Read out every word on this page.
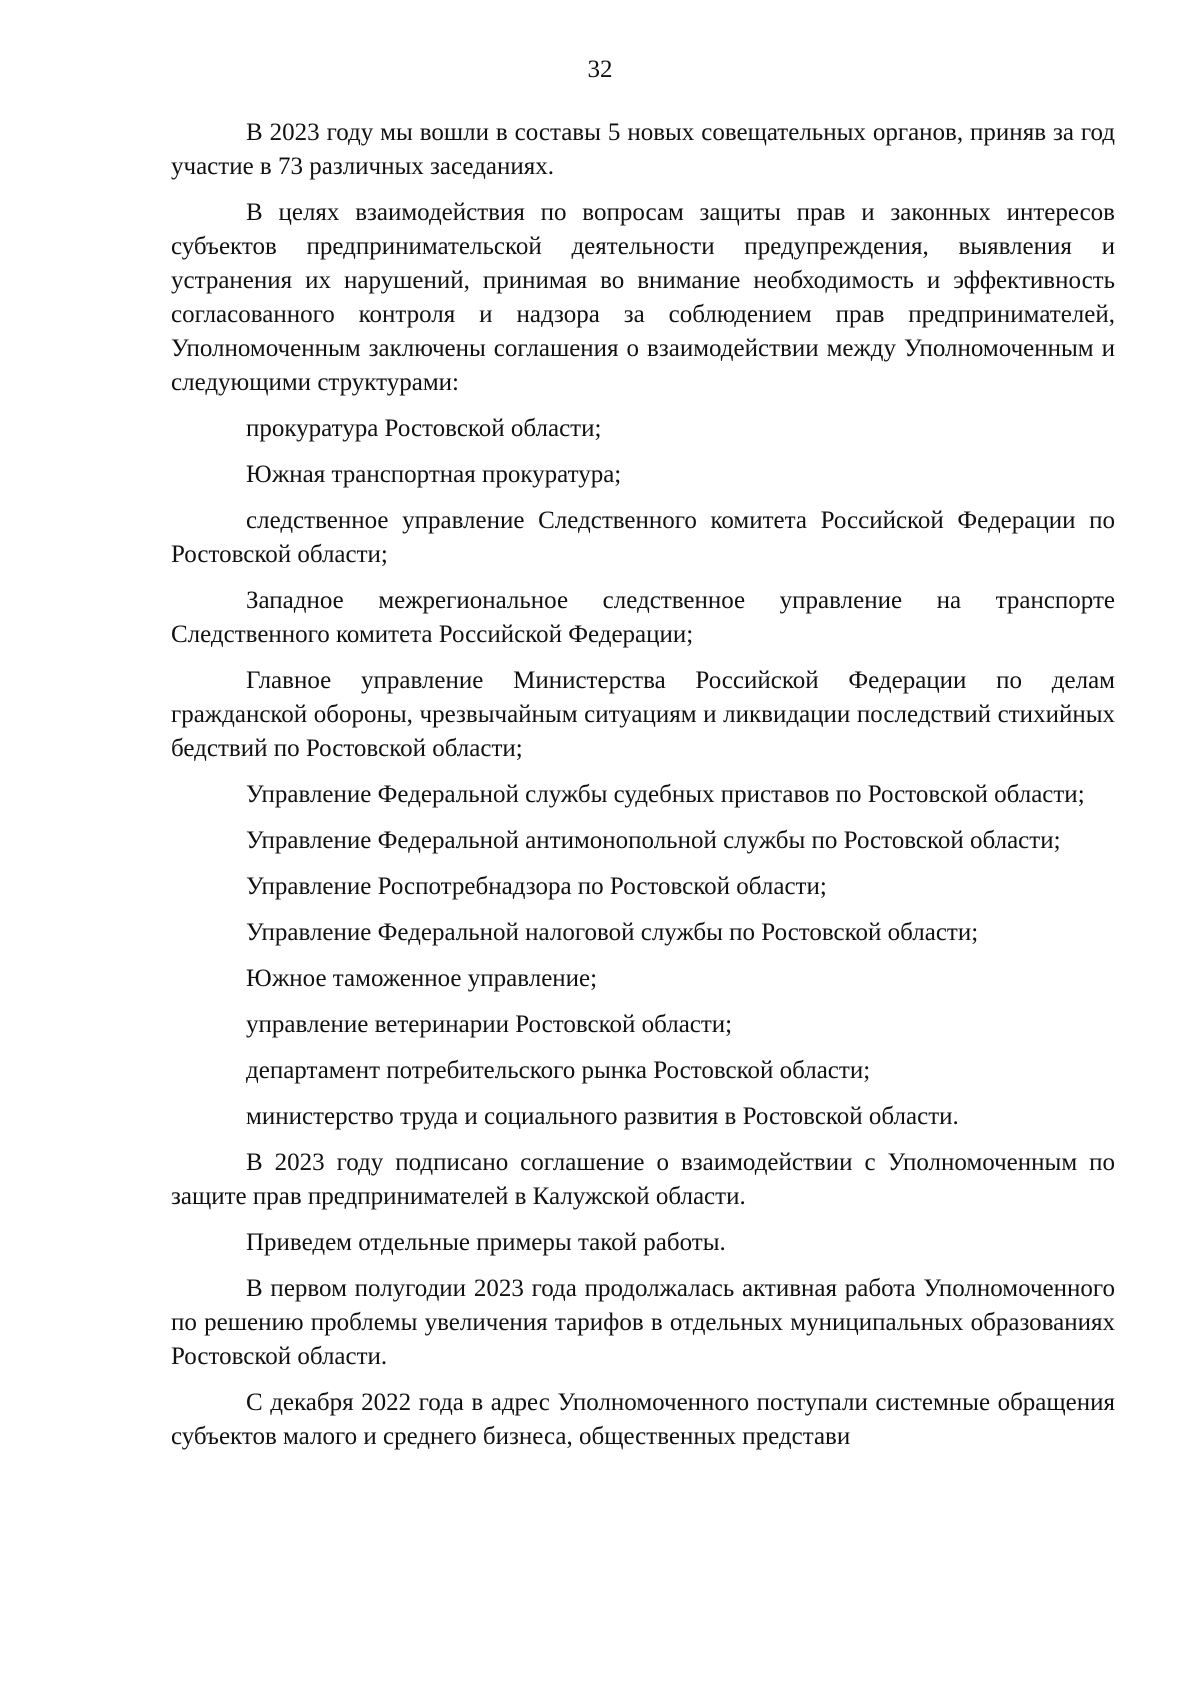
32

В 2023 году мы вошли в составы 5 новых совещательных органов, приняв за год участие в 73 различных заседаниях.

В целях взаимодействия по вопросам защиты прав и законных интересов субъектов предпринимательской деятельности предупреждения, выявления и устранения их нарушений, принимая во внимание необходимость и эффективность согласованного контроля и надзора за соблюдением прав предпринимателей, Уполномоченным заключены соглашения о взаимодействии между Уполномоченным и следующими структурами:

прокуратура Ростовской области;

Южная транспортная прокуратура;

следственное управление Следственного комитета Российской Федерации по Ростовской области;

Западное межрегиональное следственное управление на транспорте Следственного комитета Российской Федерации;

Главное управление Министерства Российской Федерации по делам гражданской обороны, чрезвычайным ситуациям и ликвидации последствий стихийных бедствий по Ростовской области;

Управление Федеральной службы судебных приставов по Ростовской области;

Управление Федеральной антимонопольной службы по Ростовской области;

Управление Роспотребнадзора по Ростовской области;

Управление Федеральной налоговой службы по Ростовской области;

Южное таможенное управление;

управление ветеринарии Ростовской области;

департамент потребительского рынка Ростовской области;

министерство труда и социального развития в Ростовской области.

В 2023 году подписано соглашение о взаимодействии с Уполномоченным по защите прав предпринимателей в Калужской области.

Приведем отдельные примеры такой работы.

В первом полугодии 2023 года продолжалась активная работа Уполномоченного по решению проблемы увеличения тарифов в отдельных муниципальных образованиях Ростовской области.

С декабря 2022 года в адрес Уполномоченного поступали системные обращения субъектов малого и среднего бизнеса, общественных представи
